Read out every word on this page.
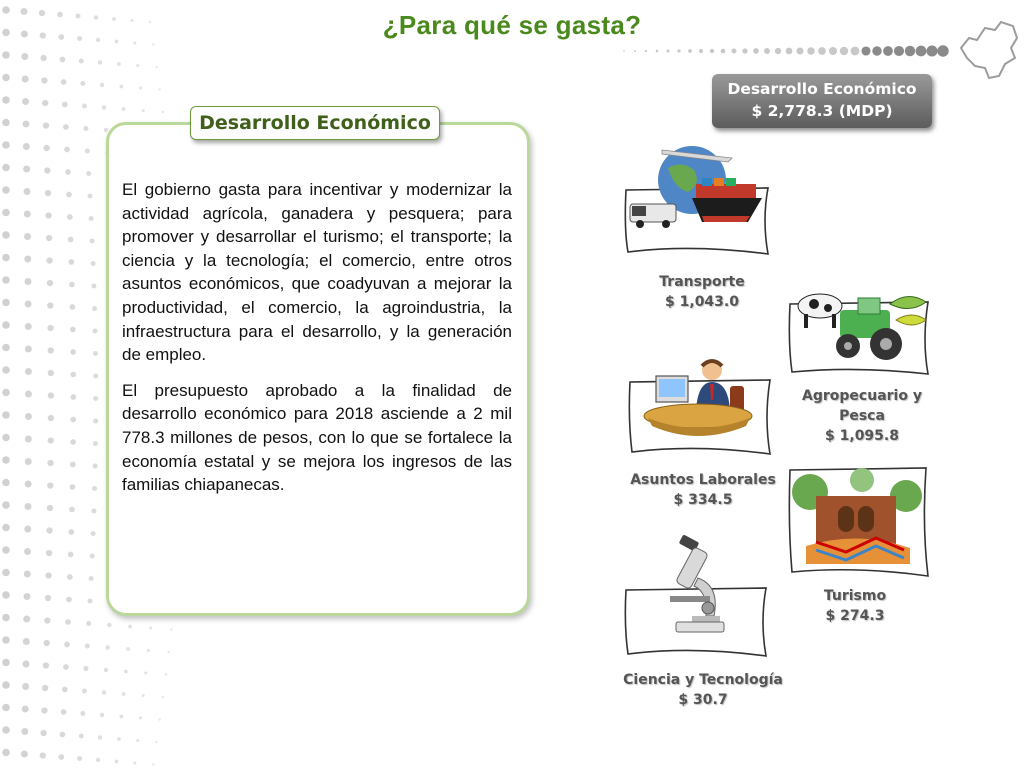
¿Para qué se gasta?
Desarrollo Económico

El gobierno gasta para incentivar y modernizar la actividad agrícola, ganadera y pesquera; para promover y desarrollar el turismo; el transporte; la ciencia y la tecnología; el comercio, entre otros asuntos económicos, que coadyuvan a mejorar la productividad, el comercio, la agroindustria, la infraestructura para el desarrollo, y la generación de empleo.

El presupuesto aprobado a la finalidad de desarrollo económico para 2018 asciende a 2 mil 778.3 millones de pesos, con lo que se fortalece la economía estatal y se mejora los ingresos de las familias chiapanecas.

Desarrollo Económico
$ 2,778.3 (MDP)
Transporte
$ 1,043.0
Agropecuario y Pesca
$ 1,095.8
Asuntos Laborales
$ 334.5
Turismo
$ 274.3
Ciencia y Tecnología
$ 30.7
